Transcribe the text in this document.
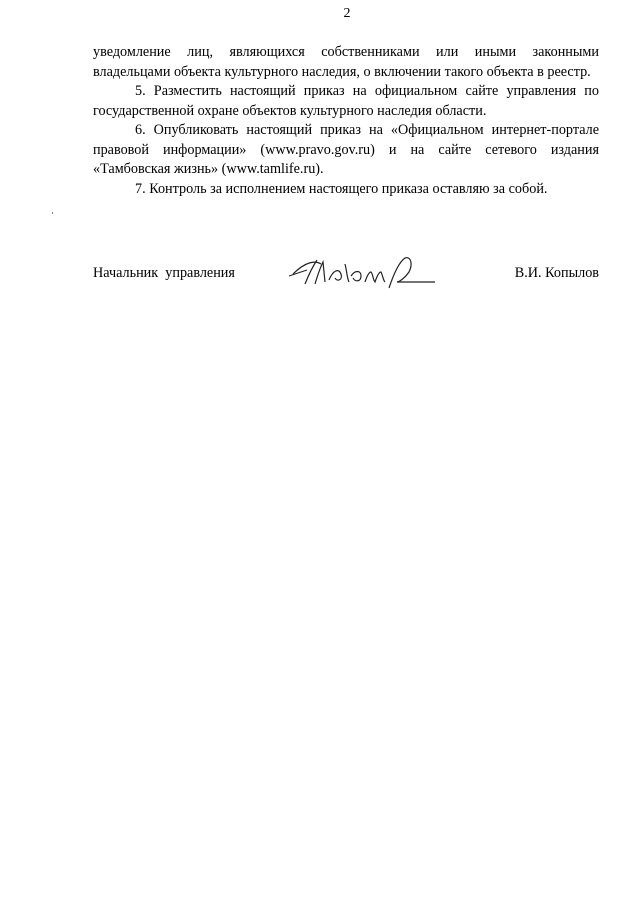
2

уведомление лиц, являющихся собственниками или иными законными владельцами объекта культурного наследия, о включении такого объекта в реестр.

5. Разместить настоящий приказ на официальном сайте управления по государственной охране объектов культурного наследия области.

6. Опубликовать настоящий приказ на «Официальном интернет-портале правовой информации» (www.pravo.gov.ru) и на сайте сетевого издания «Тамбовская жизнь» (www.tamlife.ru).

7. Контроль за исполнением настоящего приказа оставляю за собой.

Начальник  управления	В.И. Копылов
